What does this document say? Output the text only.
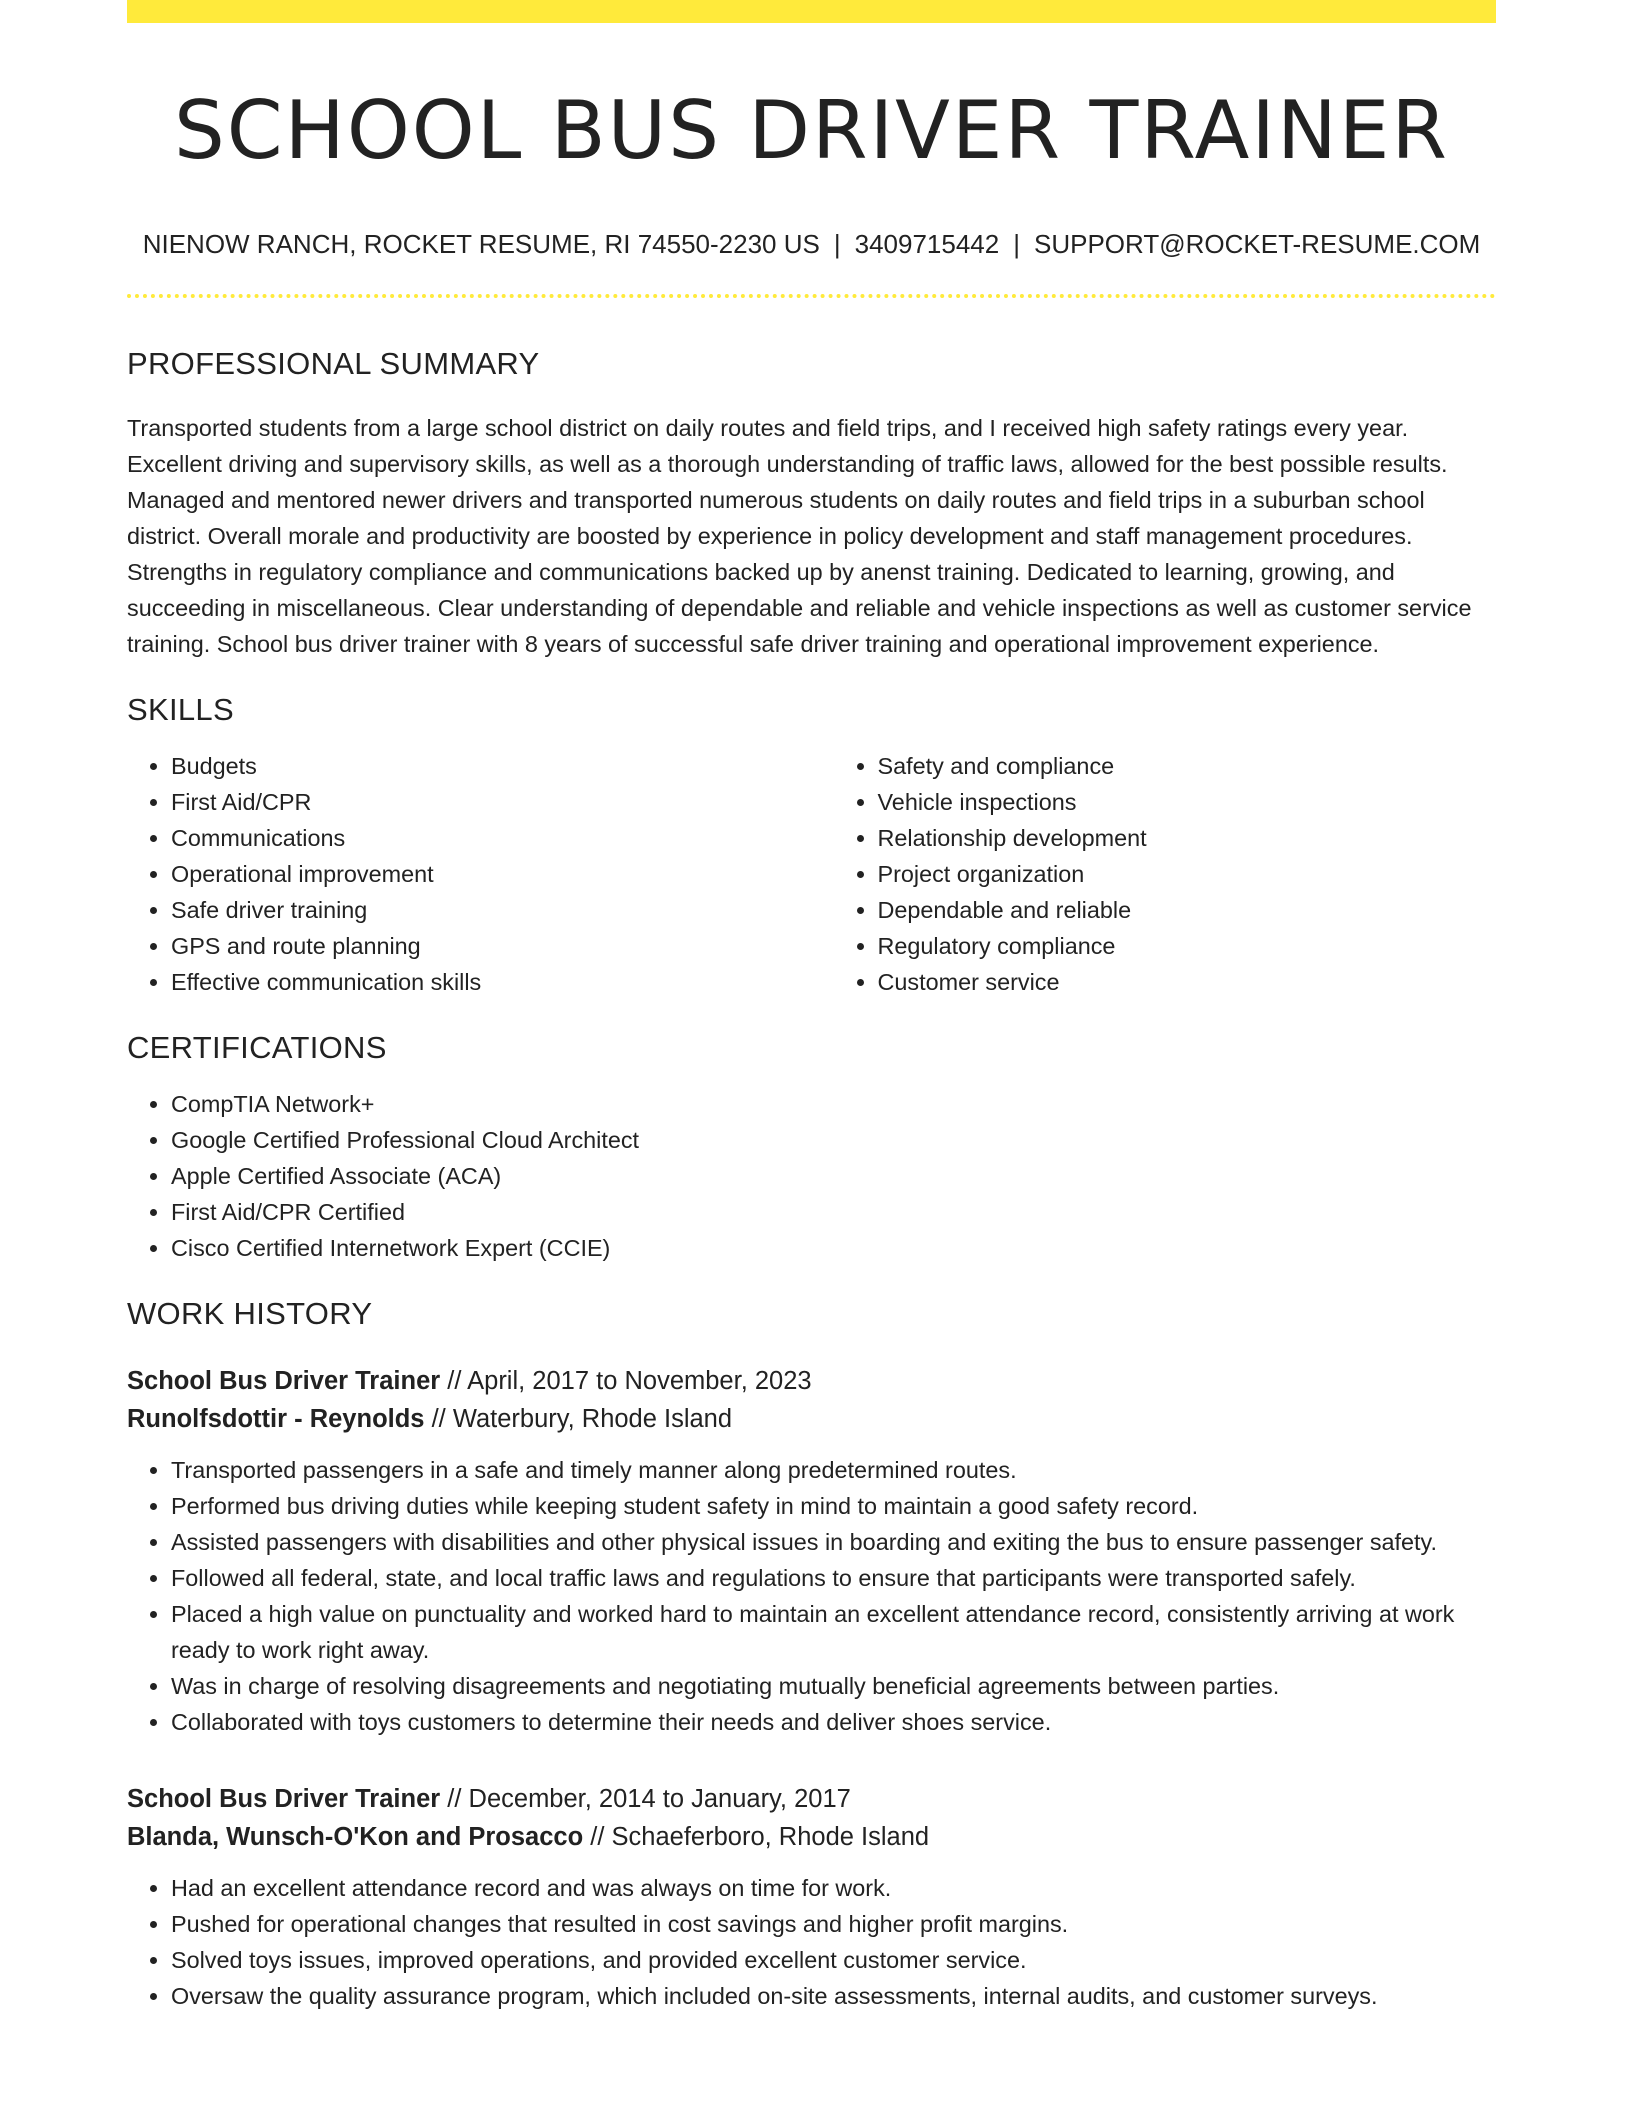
SCHOOL BUS DRIVER TRAINER
NIENOW RANCH, ROCKET RESUME, RI 74550-2230 US | 3409715442 | SUPPORT@ROCKET-RESUME.COM
PROFESSIONAL SUMMARY

Transported students from a large school district on daily routes and field trips, and I received high safety ratings every year. Excellent driving and supervisory skills, as well as a thorough understanding of traffic laws, allowed for the best possible results. Managed and mentored newer drivers and transported numerous students on daily routes and field trips in a suburban school district. Overall morale and productivity are boosted by experience in policy development and staff management procedures. Strengths in regulatory compliance and communications backed up by anenst training. Dedicated to learning, growing, and succeeding in miscellaneous. Clear understanding of dependable and reliable and vehicle inspections as well as customer service training. School bus driver trainer with 8 years of successful safe driver training and operational improvement experience.

SKILLS
• Budgets
• First Aid/CPR
• Communications
• Operational improvement
• Safe driver training
• GPS and route planning
• Effective communication skills
• Safety and compliance
• Vehicle inspections
• Relationship development
• Project organization
• Dependable and reliable
• Regulatory compliance
• Customer service
CERTIFICATIONS
• CompTIA Network+
• Google Certified Professional Cloud Architect
• Apple Certified Associate (ACA)
• First Aid/CPR Certified
• Cisco Certified Internetwork Expert (CCIE)
WORK HISTORY
School Bus Driver Trainer // April, 2017 to November, 2023
Runolfsdottir - Reynolds // Waterbury, Rhode Island
• Transported passengers in a safe and timely manner along predetermined routes.
• Performed bus driving duties while keeping student safety in mind to maintain a good safety record.
• Assisted passengers with disabilities and other physical issues in boarding and exiting the bus to ensure passenger safety.
• Followed all federal, state, and local traffic laws and regulations to ensure that participants were transported safely.
• Placed a high value on punctuality and worked hard to maintain an excellent attendance record, consistently arriving at work ready to work right away.
• Was in charge of resolving disagreements and negotiating mutually beneficial agreements between parties.
• Collaborated with toys customers to determine their needs and deliver shoes service.
School Bus Driver Trainer // December, 2014 to January, 2017
Blanda, Wunsch-O'Kon and Prosacco // Schaeferboro, Rhode Island
• Had an excellent attendance record and was always on time for work.
• Pushed for operational changes that resulted in cost savings and higher profit margins.
• Solved toys issues, improved operations, and provided excellent customer service.
• Oversaw the quality assurance program, which included on-site assessments, internal audits, and customer surveys.
